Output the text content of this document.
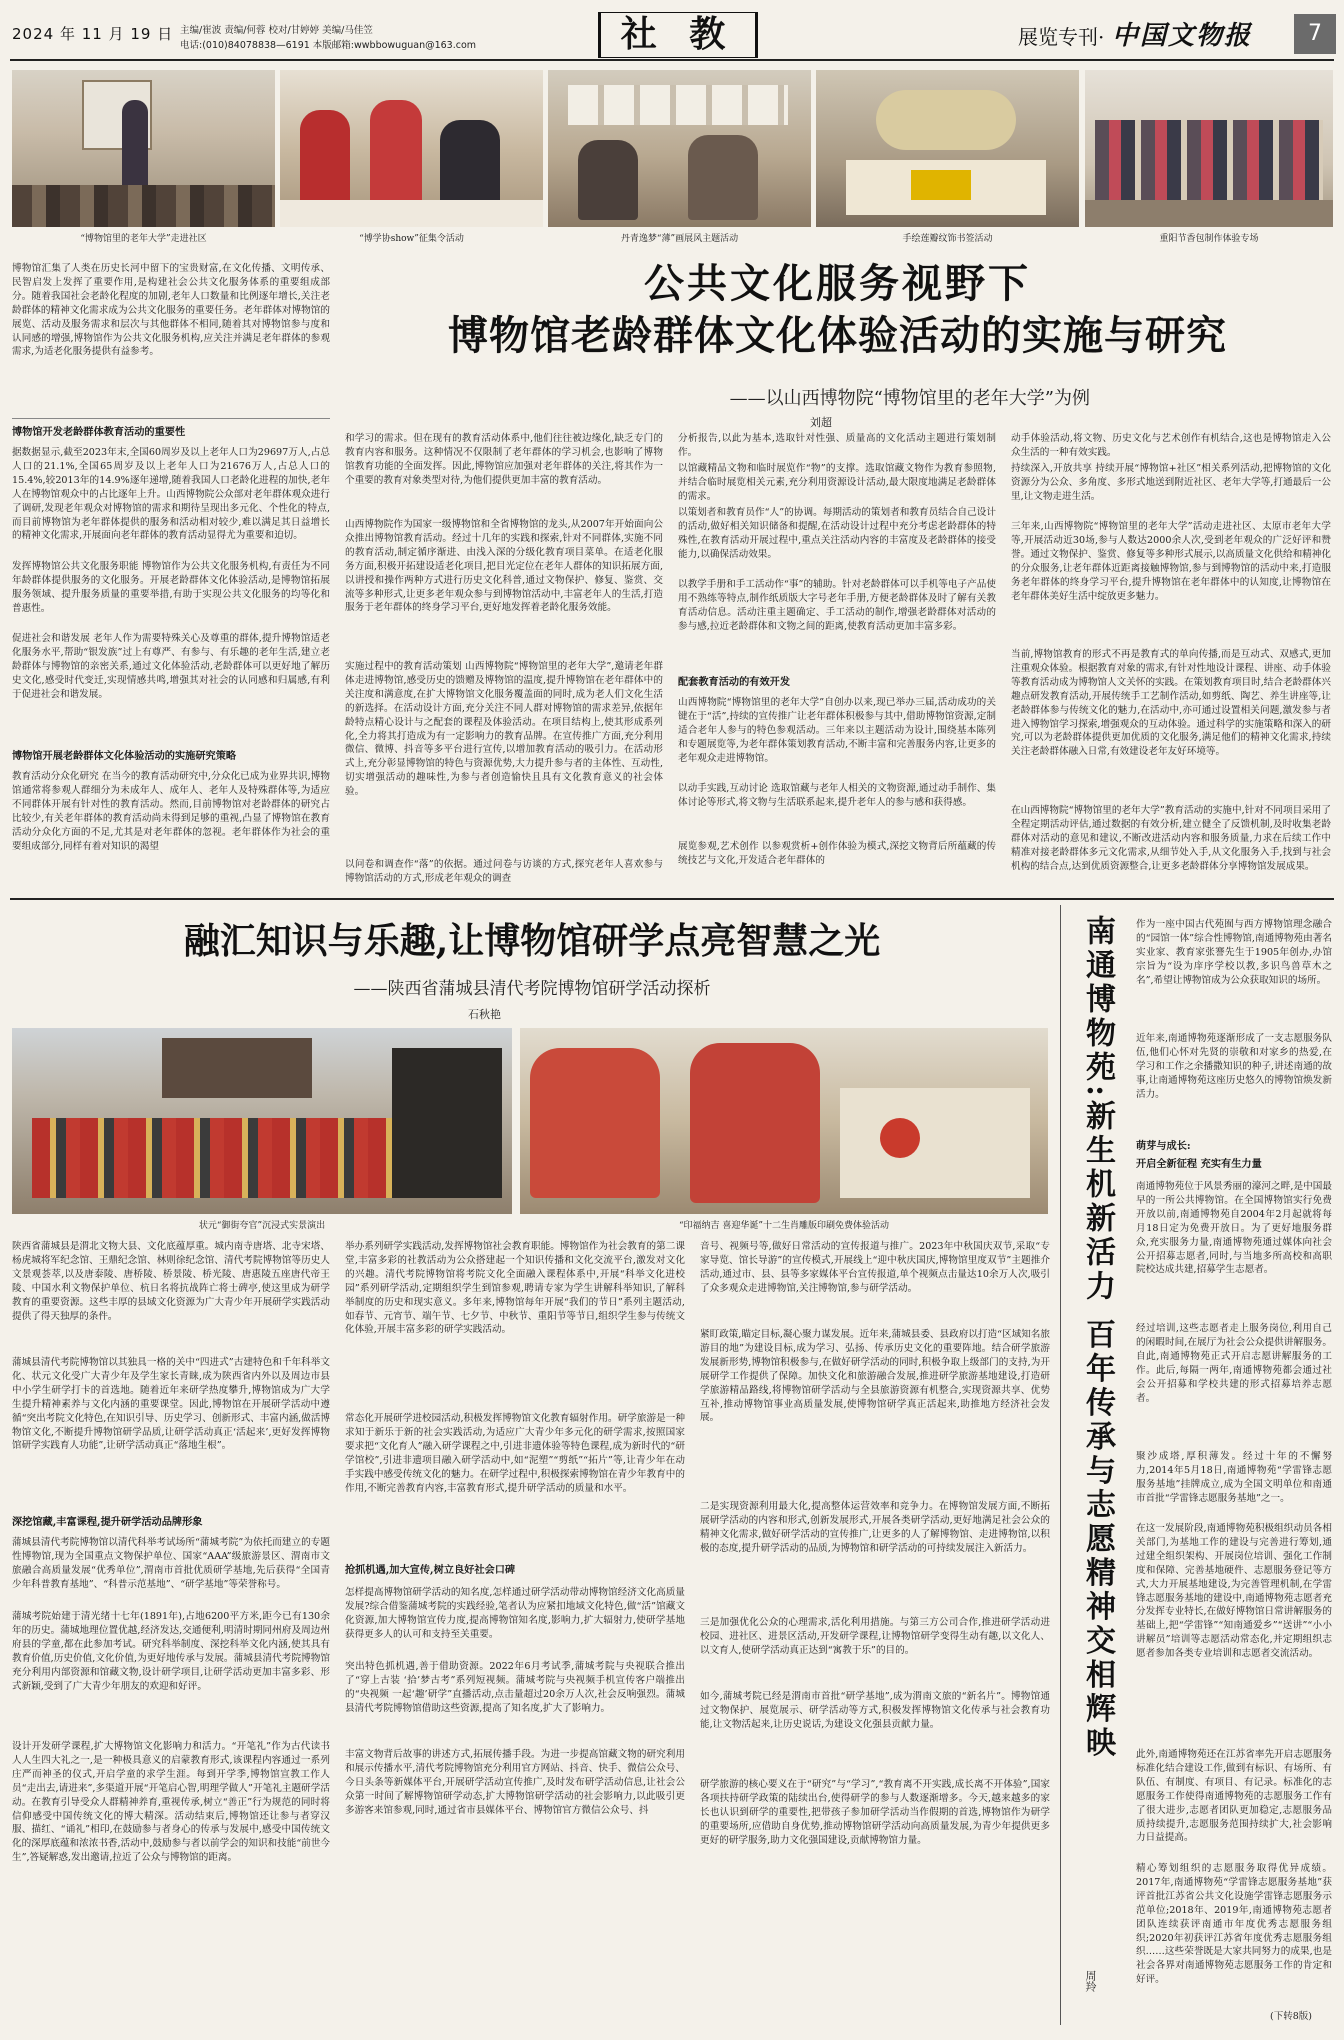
2024 年 11 月 19 日 主编/崔波 责编/何蓉 校对/甘婷婷 美编/马佳笠
电话:(010)84078838—6191 本版邮箱:wwbbowuguan@163.com	社 教	展览专刊· 中国文物报	7
“博物馆里的老年大学”走进社区	“博学协show”征集令活动	丹青逸梦“薄”画展风主题活动	手绘莲瓣纹饰书签活动	重阳节香包制作体验专场
博物馆汇集了人类在历史长河中留下的宝贵财富,在文化传播、文明传承、民智启发上发挥了重要作用,是构建社会公共文化服务体系的重要组成部分。随着我国社会老龄化程度的加剧,老年人口数量和比例逐年增长,关注老龄群体的精神文化需求成为公共文化服务的重要任务。老年群体对博物馆的展览、活动及服务需求和层次与其他群体不相同,随着其对博物馆参与度和认同感的增强,博物馆作为公共文化服务机构,应关注并满足老年群体的参观需求,为适老化服务提供有益参考。
公共文化服务视野下
博物馆老龄群体文化体验活动的实施与研究
——以山西博物院“博物馆里的老年大学”为例
刘超
博物馆开发老龄群体教育活动的重要性
据数据显示,截至2023年末,全国60周岁及以上老年人口为29697万人,占总人口的21.1%,全国65周岁及以上老年人口为21676万人,占总人口的15.4%,较2013年的14.9%逐年递增,随着我国人口老龄化进程的加快,老年人在博物馆观众中的占比逐年上升。山西博物院公众部对老年群体观众进行了调研,发现老年观众对博物馆的需求和期待呈现出多元化、个性化的特点,而目前博物馆为老年群体提供的服务和活动相对较少,难以满足其日益增长的精神文化需求,开展面向老年群体的教育活动显得尤为重要和迫切。
发挥博物馆公共文化服务职能 博物馆作为公共文化服务机构,有责任为不同年龄群体提供服务的文化服务。开展老龄群体文化体验活动,是博物馆拓展服务领域、提升服务质量的重要举措,有助于实现公共文化服务的均等化和普惠性。
促进社会和谐发展 老年人作为需要特殊关心及尊重的群体,提升博物馆适老化服务水平,帮助“银发族”过上有尊严、有参与、有乐趣的老年生活,建立老龄群体与博物馆的亲密关系,通过文化体验活动,老龄群体可以更好地了解历史文化,感受时代变迁,实现情感共鸣,增强其对社会的认同感和归属感,有利于促进社会和谐发展。
博物馆开展老龄群体文化体验活动的实施研究策略
教育活动分众化研究 在当今的教育活动研究中,分众化已成为业界共识,博物馆通常将参观人群细分为未成年人、成年人、老年人及特殊群体等,为适应不同群体开展有针对性的教育活动。然而,目前博物馆对老龄群体的研究占比较少,有关老年群体的教育活动尚未得到足够的重视,凸显了博物馆在教育活动分众化方面的不足,尤其是对老年群体的忽视。老年群体作为社会的重要组成部分,同样有着对知识的渴望
和学习的需求。但在现有的教育活动体系中,他们往往被边缘化,缺乏专门的教育内容和服务。这种情况不仅限制了老年群体的学习机会,也影响了博物馆教育功能的全面发挥。因此,博物馆应加强对老年群体的关注,将其作为一个重要的教育对象类型对待,为他们提供更加丰富的教育活动。
山西博物院作为国家一级博物馆和全省博物馆的龙头,从2007年开始面向公众推出博物馆教育活动。经过十几年的实践和探索,针对不同群体,实施不同的教育活动,制定循序渐进、由浅入深的分级化教育项目菜单。在适老化服务方面,积极开拓建设适老化项目,把目光定位在老年人群体的知识拓展方面,以讲授和操作两种方式进行历史文化科普,通过文物保护、修复、鉴赏、交流等多种形式,让更多老年观众参与到博物馆活动中,丰富老年人的生活,打造服务于老年群体的终身学习平台,更好地发挥着老龄化服务效能。
实施过程中的教育活动策划 山西博物院“博物馆里的老年大学”,邀请老年群体走进博物馆,感受历史的馈赠及博物馆的温度,提升博物馆在老年群体中的关注度和满意度,在扩大博物馆文化服务覆盖面的同时,成为老人们文化生活的新选择。在活动设计方面,充分关注不同人群对博物馆的需求差异,依据年龄特点精心设计与之配套的课程及体验活动。在项目结构上,使其形成系列化,全力将其打造成为有一定影响力的教育品牌。在宣传推广方面,充分利用微信、微博、抖音等多平台进行宣传,以增加教育活动的吸引力。在活动形式上,充分彰显博物馆的特色与资源优势,大力提升参与者的主体性、互动性,切实增强活动的趣味性,为参与者创造愉快且具有文化教育意义的社会体验。
以问卷和调查作“落”的依据。通过问卷与访谈的方式,探究老年人喜欢参与博物馆活动的方式,形成老年观众的调查
分析报告,以此为基本,选取针对性强、质量高的文化活动主题进行策划制作。
以馆藏精品文物和临时展览作“物”的支撑。选取馆藏文物作为教育参照物,并结合临时展览相关元素,充分利用资源设计活动,最大限度地满足老龄群体的需求。
以策划者和教育员作“人”的协调。每期活动的策划者和教育员结合自己设计的活动,做好相关知识储备和提醒,在活动设计过程中充分考虑老龄群体的特殊性,在教育活动开展过程中,重点关注活动内容的丰富度及老龄群体的接受能力,以确保活动效果。
以教学手册和手工活动作“事”的辅助。针对老龄群体可以手机等电子产品使用不熟练等特点,制作纸质版大字号老年手册,方便老龄群体及时了解有关教育活动信息。活动注重主题确定、手工活动的制作,增强老龄群体对活动的参与感,拉近老龄群体和文物之间的距离,使教育活动更加丰富多彩。
配套教育活动的有效开发
山西博物院“博物馆里的老年大学”自创办以来,现已举办三届,活动成功的关键在于“活”,持续的宣传推广让老年群体积极参与其中,借助博物馆资源,定制适合老年人参与的特色参观活动。三年来以主题活动为设计,围绕基本陈列和专题展览等,为老年群体策划教育活动,不断丰富和完善服务内容,让更多的老年观众走进博物馆。
以动手实践,互动讨论 选取馆藏与老年人相关的文物资源,通过动手制作、集体讨论等形式,将文物与生活联系起来,提升老年人的参与感和获得感。
展览参观,艺术创作 以参观赏析+创作体验为模式,深挖文物背后所蕴藏的传统技艺与文化,开发适合老年群体的
动手体验活动,将文物、历史文化与艺术创作有机结合,这也是博物馆走入公众生活的一种有效实践。
持续深入,开放共享 持续开展“博物馆+社区”相关系列活动,把博物馆的文化资源分为公众、多角度、多形式地送到附近社区、老年大学等,打通最后一公里,让文物走进生活。
三年来,山西博物院“博物馆里的老年大学”活动走进社区、太原市老年大学等,开展活动近30场,参与人数达2000余人次,受到老年观众的广泛好评和赞誉。通过文物保护、鉴赏、修复等多种形式展示,以高质量文化供给和精神化的分众服务,让老年群体近距离接触博物馆,参与到博物馆的活动中来,打造服务老年群体的终身学习平台,提升博物馆在老年群体中的认知度,让博物馆在老年群体美好生活中绽放更多魅力。
当前,博物馆教育的形式不再是教育式的单向传播,而是互动式、双感式,更加注重观众体验。根据教育对象的需求,有针对性地设计课程、讲座、动手体验等教育活动成为博物馆人文关怀的实践。在策划教育项目时,结合老龄群体兴趣点研发教育活动,开展传统手工艺制作活动,如剪纸、陶艺、养生讲座等,让老龄群体参与传统文化的魅力,在活动中,亦可通过设置相关问题,激发参与者进入博物馆学习探索,增强观众的互动体验。通过科学的实施策略和深入的研究,可以为老龄群体提供更加优质的文化服务,满足他们的精神文化需求,持续关注老龄群体融入日常,有效建设老年友好环境等。
在山西博物院“博物馆里的老年大学”教育活动的实施中,针对不同项目采用了全程定期活动评估,通过数据的有效分析,建立健全了反馈机制,及时收集老龄群体对活动的意见和建议,不断改进活动内容和服务质量,力求在后续工作中精准对接老龄群体多元文化需求,从细节处入手,从文化服务入手,找到与社会机构的结合点,达到优质资源整合,让更多老龄群体分享博物馆发展成果。
融汇知识与乐趣,让博物馆研学点亮智慧之光
——陕西省蒲城县清代考院博物馆研学活动探析
石秋艳
状元“御街夸官”沉浸式实景演出	“印福纳吉 喜迎华诞”十二生肖雕版印刷免费体验活动
陕西省蒲城县是渭北文物大县、文化底蕴厚重。城内南寺唐塔、北寺宋塔、杨虎城将军纪念馆、王鼎纪念馆、林则徐纪念馆、清代考院博物馆等历史人文景观荟萃,以及唐泰陵、唐桥陵、桥景陵、桥光陵、唐惠陵五座唐代帝王陵、中国水利文物保护单位、杭日名将抗战阵亡将士碑亭,使这里成为研学教育的重要资源。这些丰厚的县域文化资源为广大青少年开展研学实践活动提供了得天独厚的条件。
蒲城县清代考院博物馆以其独具一格的关中“四进式”古建特色和千年科举文化、状元文化受广大青少年及学生家长青睐,成为陕西省内外以及周边市县中小学生研学打卡的首选地。随着近年来研学热度攀升,博物馆成为广大学生提升精神素养与文化内涵的重要课堂。因此,博物馆在开展研学活动中遵循“突出考院文化特色,在知识引导、历史学习、创新形式、丰富内涵,做活博物馆文化,不断提升博物馆研学品质,让研学活动真正‘活起来’,更好发挥博物馆研学实践育人功能”,让研学活动真正“落地生根”。
深挖馆藏,丰富课程,提升研学活动品牌形象
蒲城县清代考院博物馆以清代科举考试场所“蒲城考院”为依托而建立的专题性博物馆,现为全国重点文物保护单位、国家“AAA”级旅游景区、渭南市文旅融合高质量发展“优秀单位”,渭南市首批优质研学基地,先后获得“全国青少年科普教育基地”、“科普示范基地”、“研学基地”等荣誉称号。
蒲城考院始建于清光绪十七年(1891年),占地6200平方米,距今已有130余年的历史。蒲城地理位置优越,经济发达,交通便利,明清时期同州府及周边州府县的学童,都在此参加考试。研究科举制度、深挖科举文化内涵,使其具有教育价值,历史价值,文化价值,为更好地传承与发展。蒲城县清代考院博物馆充分利用内部资源和馆藏文物,设计研学项目,让研学活动更加丰富多彩、形式新颖,受到了广大青少年朋友的欢迎和好评。
设计开发研学课程,扩大博物馆文化影响力和活力。“开笔礼”作为古代读书人人生四大礼之一,是一种极具意义的启蒙教育形式,该课程内容通过一系列庄严而神圣的仪式,开启学童的求学生涯。每到开学季,博物馆宣教工作人员“走出去,请进来”,多渠道开展“开笔启心智,明理学做人”开笔礼主题研学活动。在教育引导受众人群精神养育,重视传承,树立“善正”行为规范的同时将信仰感受中国传统文化的博大精深。活动结束后,博物馆还让参与者穿汉服、描红、“诵礼”相印,在鼓励参与者身心的传承与发展中,感受中国传统文化的深厚底蕴和浓浓书香,活动中,鼓励参与者以前学会的知识和技能“前世今生”,答疑解惑,发出邀请,拉近了公众与博物馆的距离。
举办系列研学实践活动,发挥博物馆社会教育职能。博物馆作为社会教育的第二课堂,丰富多彩的社教活动为公众搭建起一个知识传播和文化交流平台,激发对文化的兴趣。清代考院博物馆将考院文化全面融入课程体系中,开展“科举文化进校园”系列研学活动,定期组织学生到馆参观,聘请专家为学生讲解科举知识,了解科举制度的历史和现实意义。多年来,博物馆每年开展“我们的节日”系列主题活动,如春节、元宵节、端午节、七夕节、中秋节、重阳节等节日,组织学生参与传统文化体验,开展丰富多彩的研学实践活动。
常态化开展研学进校园活动,积极发挥博物馆文化教育辐射作用。研学旅游是一种求知于新乐于新的社会实践活动,为适应广大青少年多元化的研学需求,按照国家要求把“文化育人”融入研学课程之中,引进非遗体验等特色课程,成为新时代的“研学馆校”,引进非遗项目融入研学活动中,如“泥塑”“剪纸”“拓片”等,让青少年在动手实践中感受传统文化的魅力。在研学过程中,积极探索博物馆在青少年教育中的作用,不断完善教育内容,丰富教育形式,提升研学活动的质量和水平。
抢抓机遇,加大宣传,树立良好社会口碑
怎样提高博物馆研学活动的知名度,怎样通过研学活动带动博物馆经济文化高质量发展?综合借鉴蒲城考院的实践经验,笔者认为应紧扣地域文化特色,做“活”馆藏文化资源,加大博物馆宣传力度,提高博物馆知名度,影响力,扩大辐射力,使研学基地获得更多人的认可和支持至关重要。
突出特色抓机遇,善于借助资源。2022年6月考试季,蒲城考院与央视联合推出了“穿上古装 ‘拾’梦古考”系列短视频。蒲城考院与央视频手机宣传客户端推出的“央视频 一起‘趣’研学”直播活动,点击量超过20余万人次,社会反响强烈。蒲城县清代考院博物馆借助这些资源,提高了知名度,扩大了影响力。
丰富文物背后故事的讲述方式,拓展传播手段。为进一步提高馆藏文物的研究利用和展示传播水平,清代考院博物馆充分利用官方网站、抖音、快手、微信公众号、今日头条等新媒体平台,开展研学活动宣传推广,及时发布研学活动信息,让社会公众第一时间了解博物馆研学动态,扩大博物馆研学活动的社会影响力,以此吸引更多游客来馆参观,同时,通过省市县媒体平台、博物馆官方微信公众号、抖
音号、视频号等,做好日常活动的宣传报道与推广。2023年中秋国庆双节,采取“专家导览、馆长导游”的宣传模式,开展线上“迎中秋庆国庆,博物馆里度双节”主题推介活动,通过市、县、县等多家媒体平台宣传报道,单个视频点击量达10余万人次,吸引了众多观众走进博物馆,关注博物馆,参与研学活动。
紧盯政策,瞄定目标,凝心聚力谋发展。近年来,蒲城县委、县政府以打造“区域知名旅游目的地”为建设目标,成为学习、弘扬、传承历史文化的重要阵地。结合研学旅游发展新形势,博物馆积极参与,在做好研学活动的同时,积极争取上级部门的支持,为开展研学工作提供了保障。加快文化和旅游融合发展,推进研学旅游基地建设,打造研学旅游精品路线,将博物馆研学活动与全县旅游资源有机整合,实现资源共享、优势互补,推动博物馆事业高质量发展,使博物馆研学真正活起来,助推地方经济社会发展。
二是实现资源利用最大化,提高整体运营效率和竞争力。在博物馆发展方面,不断拓展研学活动的内容和形式,创新发展形式,开展各类研学活动,更好地满足社会公众的精神文化需求,做好研学活动的宣传推广,让更多的人了解博物馆、走进博物馆,以积极的态度,提升研学活动的品质,为博物馆和研学活动的可持续发展注入新活力。
三是加强优化公众的心理需求,活化利用措施。与第三方公司合作,推进研学活动进校园、进社区、进景区活动,开发研学课程,让博物馆研学变得生动有趣,以文化人、以文育人,使研学活动真正达到“寓教于乐”的目的。
如今,蒲城考院已经是渭南市首批“研学基地”,成为渭南文旅的“新名片”。博物馆通过文物保护、展览展示、研学活动等方式,积极发挥博物馆文化传承与社会教育功能,让文物活起来,让历史说话,为建设文化强县贡献力量。
研学旅游的核心要义在于“研究”与“学习”,“教育离不开实践,成长离不开体验”,国家各项扶持研学政策的陆续出台,使得研学的参与人数逐渐增多。今天,越来越多的家长也认识到研学的重要性,把带孩子参加研学活动当作假期的首选,博物馆作为研学的重要场所,应借助自身优势,推动博物馆研学活动向高质量发展,为青少年提供更多更好的研学服务,助力文化强国建设,贡献博物馆力量。
南通博物苑:新生机新活力 百年传承与志愿精神交相辉映
周羚
作为一座中国古代苑囿与西方博物馆理念融合的“园馆一体”综合性博物馆,南通博物苑由著名实业家、教育家张謇先生于1905年创办,办馆宗旨为“设为庠序学校以教,多识鸟兽草木之名”,希望让博物馆成为公众获取知识的场所。
近年来,南通博物苑逐渐形成了一支志愿服务队伍,他们心怀对先贤的崇敬和对家乡的热爱,在学习和工作之余播撒知识的种子,讲述南通的故事,让南通博物苑这座历史悠久的博物馆焕发新活力。
萌芽与成长:
开启全新征程 充实有生力量
南通博物苑位于风景秀丽的濠河之畔,是中国最早的一所公共博物馆。在全国博物馆实行免费开放以前,南通博物苑自2004年2月起就将每月18日定为免费开放日。为了更好地服务群众,充实服务力量,南通博物苑通过媒体向社会公开招募志愿者,同时,与当地多所高校和高职院校达成共建,招募学生志愿者。
经过培训,这些志愿者走上服务岗位,利用自己的闲暇时间,在展厅为社会公众提供讲解服务。自此,南通博物苑正式开启志愿讲解服务的工作。此后,每隔一两年,南通博物苑都会通过社会公开招募和学校共建的形式招募培养志愿者。
聚沙成塔,厚积薄发。经过十年的不懈努力,2014年5月18日,南通博物苑“学雷锋志愿服务基地”挂牌成立,成为全国文明单位和南通市首批“学雷锋志愿服务基地”之一。
在这一发展阶段,南通博物苑积极组织动员各相关部门,为基地工作的建设与完善进行筹划,通过建全组织架构、开展岗位培训、强化工作制度和保障、完善基地硬件、志愿服务登记等方式,大力开展基地建设,为完善管理机制,在学雷锋志愿服务基地的建设中,南通博物苑志愿者充分发挥专业特长,在做好博物馆日常讲解服务的基础上,把“学雷锋”“知南通爱乡”“送讲”“小小讲解员”培训等志愿活动常态化,并定期组织志愿者参加各类专业培训和志愿者交流活动。
此外,南通博物苑还在江苏省率先开启志愿服务标准化结合建设工作,做到有标识、有场所、有队伍、有制度、有项目、有记录。标准化的志愿服务工作使得南通博物苑的志愿服务工作有了很大进步,志愿者团队更加稳定,志愿服务品质持续提升,志愿服务范围持续扩大,社会影响力日益提高。
精心筹划组织的志愿服务取得优异成绩。2017年,南通博物苑“学雷锋志愿服务基地”获评首批江苏省公共文化设施学雷锋志愿服务示范单位;2018年、2019年,南通博物苑志愿者团队连续获评南通市年度优秀志愿服务组织;2020年初获评江苏省年度优秀志愿服务组织……这些荣誉既是大家共同努力的成果,也是社会各界对南通博物苑志愿服务工作的肯定和好评。
(下转8版)
